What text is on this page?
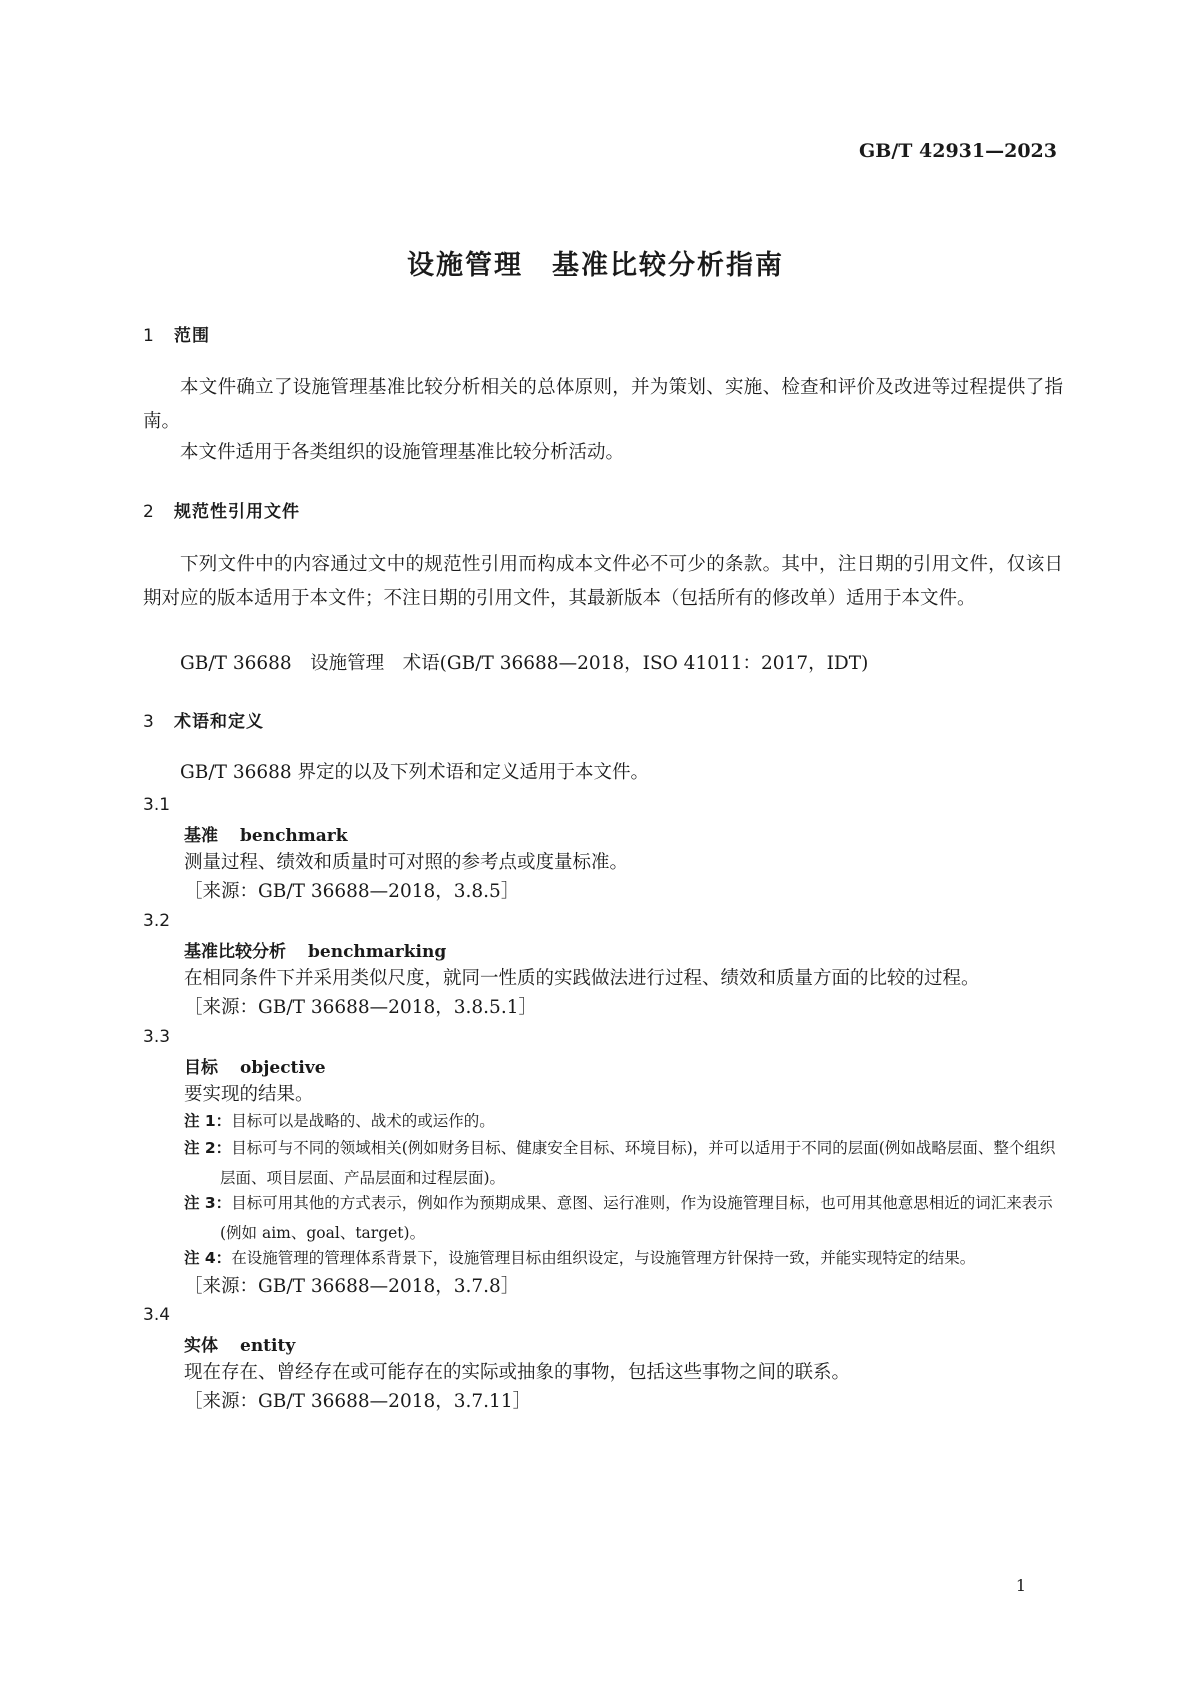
GB/T 42931—2023
设施管理　基准比较分析指南
1 范围
本文件确立了设施管理基准比较分析相关的总体原则，并为策划、实施、检查和评价及改进等过程提供了指南。
本文件适用于各类组织的设施管理基准比较分析活动。
2 规范性引用文件
下列文件中的内容通过文中的规范性引用而构成本文件必不可少的条款。其中，注日期的引用文件，仅该日期对应的版本适用于本文件；不注日期的引用文件，其最新版本（包括所有的修改单）适用于本文件。
GB/T 36688　设施管理　术语(GB/T 36688—2018，ISO 41011：2017，IDT)
3 术语和定义
GB/T 36688 界定的以及下列术语和定义适用于本文件。
3.1
基准 benchmark
测量过程、绩效和质量时可对照的参考点或度量标准。
［来源：GB/T 36688—2018，3.8.5］
3.2
基准比较分析 benchmarking
在相同条件下并采用类似尺度，就同一性质的实践做法进行过程、绩效和质量方面的比较的过程。
［来源：GB/T 36688—2018，3.8.5.1］
3.3
目标 objective
要实现的结果。
注 1：目标可以是战略的、战术的或运作的。
注 2：目标可与不同的领域相关(例如财务目标、健康安全目标、环境目标)，并可以适用于不同的层面(例如战略层面、整个组织层面、项目层面、产品层面和过程层面)。
注 3：目标可用其他的方式表示，例如作为预期成果、意图、运行准则，作为设施管理目标，也可用其他意思相近的词汇来表示(例如 aim、goal、target)。
注 4：在设施管理的管理体系背景下，设施管理目标由组织设定，与设施管理方针保持一致，并能实现特定的结果。
［来源：GB/T 36688—2018，3.7.8］
3.4
实体 entity
现在存在、曾经存在或可能存在的实际或抽象的事物，包括这些事物之间的联系。
［来源：GB/T 36688—2018，3.7.11］
1
